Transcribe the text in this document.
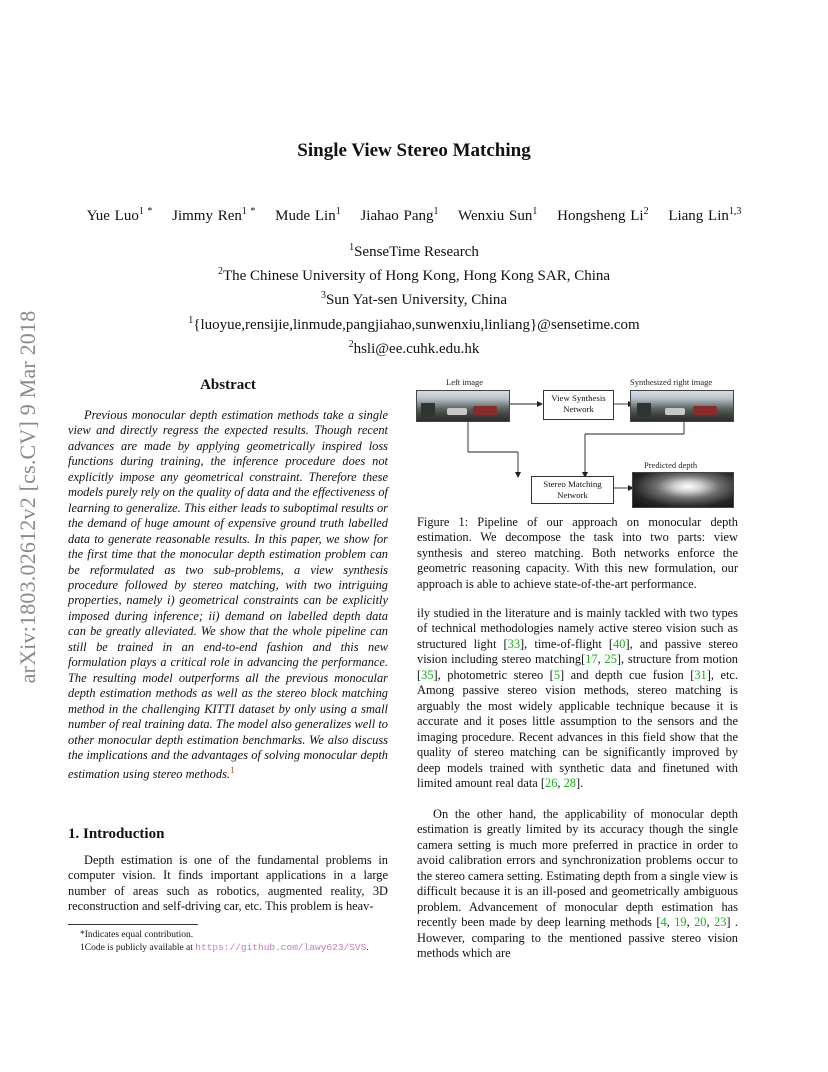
arXiv:1803.02612v2 [cs.CV] 9 Mar 2018
Single View Stereo Matching
Yue Luo$^{1 *}$  Jimmy Ren$^{1 *}$  Mude Lin$^1$  Jiahao Pang$^1$  Wenxiu Sun$^1$  Hongsheng Li$^2$  Liang Lin$^{1,3}$
$^1$SenseTime Research
$^2$The Chinese University of Hong Kong, Hong Kong SAR, China
$^3$Sun Yat-sen University, China
$^1${luoyue,rensijie,linmude,pangjiahao,sunwenxiu,linliang}@sensetime.com
$^2$hsli@ee.cuhk.edu.hk
Abstract
Previous monocular depth estimation methods take a single view and directly regress the expected results. Though recent advances are made by applying geometrically inspired loss functions during training, the inference procedure does not explicitly impose any geometrical constraint. Therefore these models purely rely on the quality of data and the effectiveness of learning to generalize. This either leads to suboptimal results or the demand of huge amount of expensive ground truth labelled data to generate reasonable results. In this paper, we show for the first time that the monocular depth estimation problem can be reformulated as two sub-problems, a view synthesis procedure followed by stereo matching, with two intriguing properties, namely i) geometrical constraints can be explicitly imposed during inference; ii) demand on labelled depth data can be greatly alleviated. We show that the whole pipeline can still be trained in an end-to-end fashion and this new formulation plays a critical role in advancing the performance. The resulting model outperforms all the previous monocular depth estimation methods as well as the stereo block matching method in the challenging KITTI dataset by only using a small number of real training data. The model also generalizes well to other monocular depth estimation benchmarks. We also discuss the implications and the advantages of solving monocular depth estimation using stereo methods.$^1$
1. Introduction
Depth estimation is one of the fundamental problems in computer vision. It finds important applications in a large number of areas such as robotics, augmented reality, 3D reconstruction and self-driving car, etc. This problem is heav-

*Indicates equal contribution.

1Code is publicly available at https://github.com/lawy623/SVS.

Left image	Synthesized right image
View Synthesis Network
Predicted depth
Stereo Matching Network
Figure 1: Pipeline of our approach on monocular depth estimation. We decompose the task into two parts: view synthesis and stereo matching. Both networks enforce the geometric reasoning capacity. With this new formulation, our approach is able to achieve state-of-the-art performance.
ily studied in the literature and is mainly tackled with two types of technical methodologies namely active stereo vision such as structured light [33], time-of-flight [40], and passive stereo vision including stereo matching[17, 25], structure from motion [35], photometric stereo [5] and depth cue fusion [31], etc. Among passive stereo vision methods, stereo matching is arguably the most widely applicable technique because it is accurate and it poses little assumption to the sensors and the imaging procedure. Recent advances in this field show that the quality of stereo matching can be significantly improved by deep models trained with synthetic data and finetuned with limited amount real data [26, 28].
On the other hand, the applicability of monocular depth estimation is greatly limited by its accuracy though the single camera setting is much more preferred in practice in order to avoid calibration errors and synchronization problems occur to the stereo camera setting. Estimating depth from a single view is difficult because it is an ill-posed and geometrically ambiguous problem. Advancement of monocular depth estimation has recently been made by deep learning methods [4, 19, 20, 23] . However, comparing to the mentioned passive stereo vision methods which are
